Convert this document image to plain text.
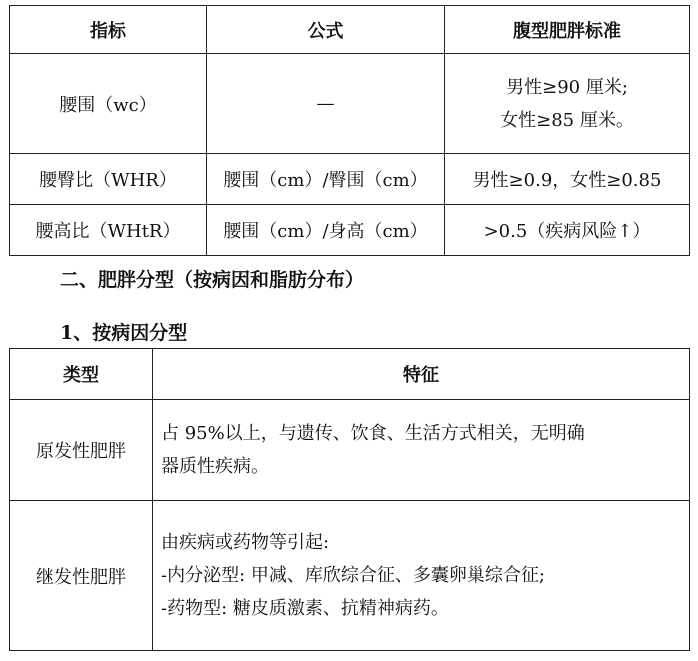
指标	公式	腹型肥胖标准
腰围（wc）	—	男性≥90 厘米;
女性≥85 厘米。

腰臀比（WHR）	腰围（cm）/臀围（cm）	男性≥0.9，女性≥0.85
腰高比（WHtR）	腰围（cm）/身高（cm）	>0.5（疾病风险↑）
二、肥胖分型（按病因和脂肪分布）
1、按病因分型
类型	特征
原发性肥胖	占 95%以上，与遗传、饮食、生活方式相关，无明确
器质性疾病。

继发性肥胖	由疾病或药物等引起:
-内分泌型: 甲减、库欣综合征、多囊卵巢综合征;
-药物型: 糖皮质激素、抗精神病药。
